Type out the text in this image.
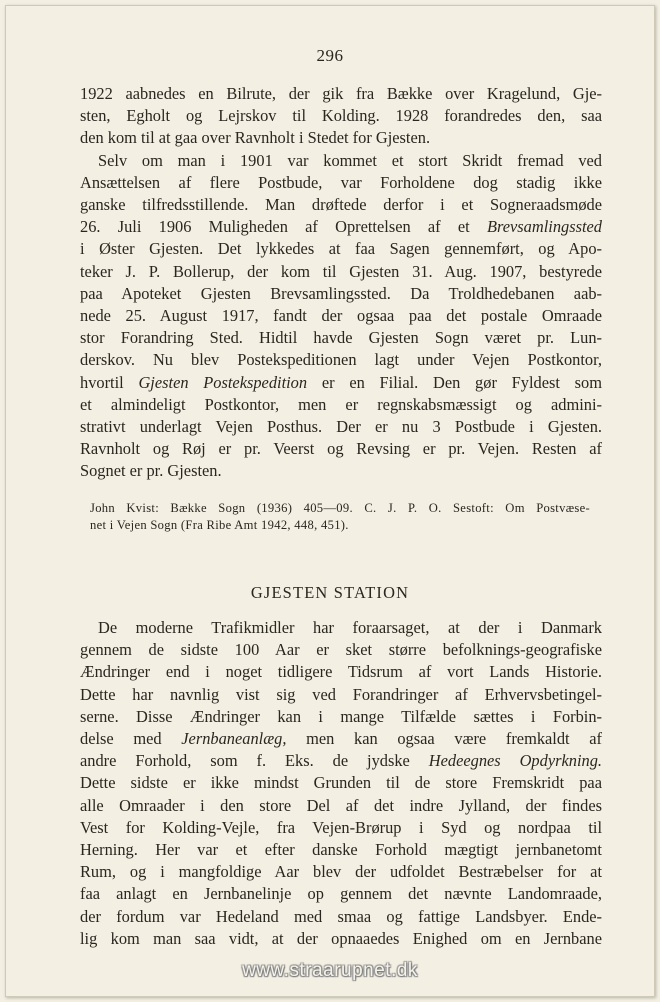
296

1922 aabnedes en Bilrute, der gik fra Bække over Kragelund, Gje-
sten, Egholt og Lejrskov til Kolding. 1928 forandredes den, saa
den kom til at gaa over Ravnholt i Stedet for Gjesten.

Selv om man i 1901 var kommet et stort Skridt fremad ved
Ansættelsen af flere Postbude, var Forholdene dog stadig ikke
ganske tilfredsstillende. Man drøftede derfor i et Sogneraadsmøde
26. Juli 1906 Muligheden af Oprettelsen af et Brevsamlingssted
i Øster Gjesten. Det lykkedes at faa Sagen gennemført, og Apo-
teker J. P. Bollerup, der kom til Gjesten 31. Aug. 1907, bestyrede
paa Apoteket Gjesten Brevsamlingssted. Da Troldhedebanen aab-
nede 25. August 1917, fandt der ogsaa paa det postale Omraade
stor Forandring Sted. Hidtil havde Gjesten Sogn været pr. Lun-
derskov. Nu blev Postekspeditionen lagt under Vejen Postkontor,
hvortil Gjesten Postekspedition er en Filial. Den gør Fyldest som
et almindeligt Postkontor, men er regnskabsmæssigt og admini-
strativt underlagt Vejen Posthus. Der er nu 3 Postbude i Gjesten.
Ravnholt og Røj er pr. Veerst og Revsing er pr. Vejen. Resten af
Sognet er pr. Gjesten.

John Kvist: Bække Sogn (1936) 405—09. C. J. P. O. Sestoft: Om Postvæse-
net i Vejen Sogn (Fra Ribe Amt 1942, 448, 451).
GJESTEN STATION
De moderne Trafikmidler har foraarsaget, at der i Danmark
gennem de sidste 100 Aar er sket større befolknings-geografiske
Ændringer end i noget tidligere Tidsrum af vort Lands Historie.
Dette har navnlig vist sig ved Forandringer af Erhvervsbetingel-
serne. Disse Ændringer kan i mange Tilfælde sættes i Forbin-
delse med Jernbaneanlæg, men kan ogsaa være fremkaldt af
andre Forhold, som f. Eks. de jydske Hedeegnes Opdyrkning.
Dette sidste er ikke mindst Grunden til de store Fremskridt paa
alle Omraader i den store Del af det indre Jylland, der findes
Vest for Kolding-Vejle, fra Vejen-Brørup i Syd og nordpaa til
Herning. Her var et efter danske Forhold mægtigt jernbanetomt
Rum, og i mangfoldige Aar blev der udfoldet Bestræbelser for at
faa anlagt en Jernbanelinje op gennem det nævnte Landomraade,
der fordum var Hedeland med smaa og fattige Landsbyer. Ende-
lig kom man saa vidt, at der opnaaedes Enighed om en Jernbane
www.straarupnet.dk
